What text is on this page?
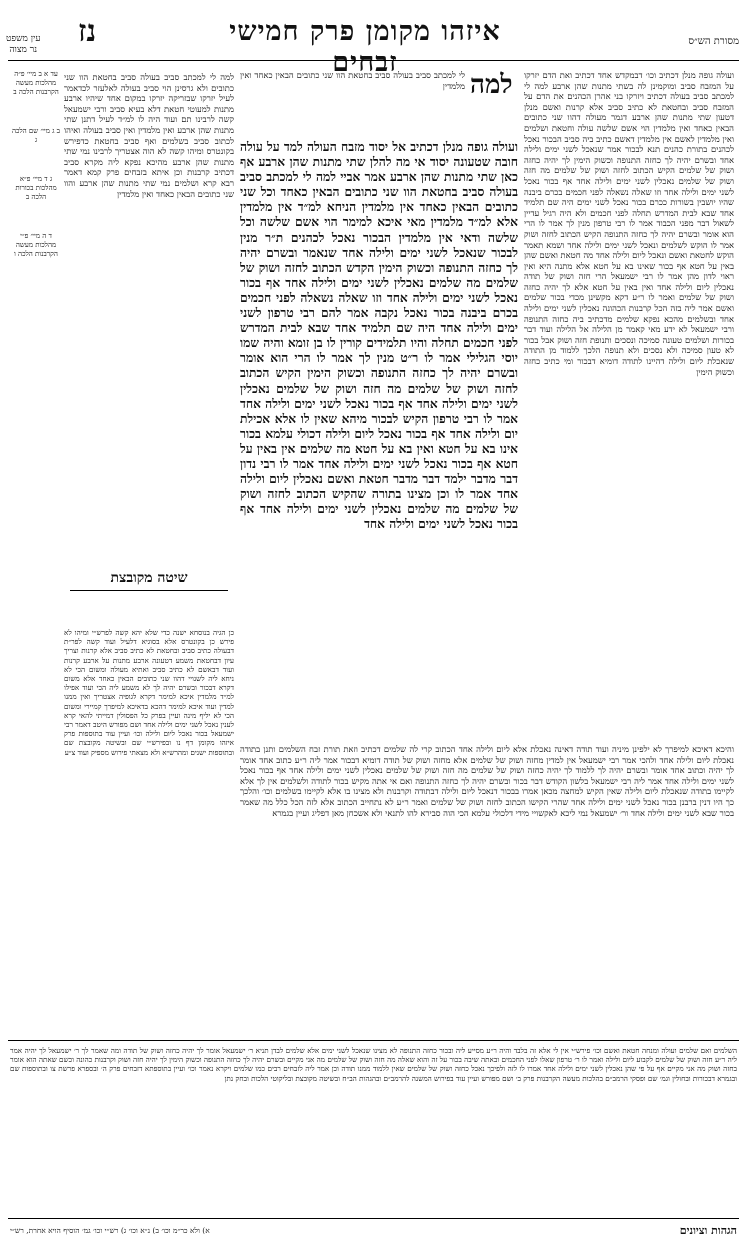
עין משפט
נר מצוה
נז	איזהו מקומן פרק חמישי זבחים
מסורת הש״ס

עד א ב מיי׳ פ״ה מהלכות מעשה הקרבנות הלכה ב

ב ג מיי׳ שם הלכה ג

ג ד מיי׳ פ״א מהלכות בכורות הלכה ב

ד ה מיי׳ פ״י מהלכות מעשה הקרבנות הלכה ו

למה לי למכתב סביב בעולה סביב בחטאת הוו שני כתובים ולא גרסינן הוי סביב בעולה לאלעזר לכדאמר לעיל יזרקו שבזריקה יזרקו במקום אחד שיהיו ארבע מתנות למעוטי חטאת דלא בעיא סביב ורבי ישמעאל קשה לרבינו תם ועוד היה לו למ״ד לעיל דתנן שתי מתנות שהן ארבע ואין מלמדין ואין סביב בעולה ואיהו לכתוב סביב בשלמים ואף סביב בחטאת כדפירש בקונטרס ומיהו קשה לא הוה אצטריך לרבינו נמי שתי מתנות שהן ארבע מהיכא נפקא ליה מקרא סביב דכתיב קרבנות וכן איתא בזבחים פרק קמא דאמר רבא קרא ושלמים נמי שתי מתנות שהן ארבע והוו שני כתובים הבאין כאחד ואין מלמדין
שיטה מקובצת
כן הגיה בנוסחא ישנה כדי שלא יהא קשה לפרש״י ומיהו לא פירש כן בקונטרס אלא בסוגיא דלעיל ועוד קשה לפר״ת דבעולה כתיב סביב ובחטאת לא כתיב סביב אלא קרנות וצריך עיון דבחטאת משמע דטעונה ארבע מתנות על ארבע קרנות ועוד דבאשם לא כתיב סביב ואתיא מעולה ומשום הכי לא ניחא ליה לשנויי דהוו שני כתובים הבאין כאחד אלא משום דקרא דבכור ובשרם יהיה לך לא משמע ליה הכי ועוד אפילו למ״ד מלמדין איכא למימר דקרא לגופיה אצטריך ואין ממנו למדין ועוד איכא למימר דהכא בדאיכא למיפרך קמיירי ומשום הכי לא יליף מינה ועיין בפרק כל הפסולין דמייתי להאי קרא לענין נאכל לשני ימים ולילה אחד ושם מפורש היטב דאמר רבי ישמעאל בכור נאכל ליום ולילה וכו׳ ועיין עוד בתוספות פרק איזהו מקומן דף נו ובפירש״י שם ובשיטה מקובצת שם ובתוספות ישנים ומהרש״א ולא מצאתי פירוש מספיק ועוד צ״ע
למה
לי למכתב סביב בעולה סביב בחטאת הוו שני כתובים הבאין כאחד ואין מלמדין
ועולה גופה מנלן דכתיב אל יסוד מזבח העולה למד על עולה חובה שטעונה יסוד אי מה להלן שתי מתנות שהן ארבע אף כאן שתי מתנות שהן ארבע אמר אביי למה לי למכתב סביב בעולה סביב בחטאת הוו שני כתובים הבאין כאחד וכל שני כתובים הבאין כאחד אין מלמדין הניחא למ״ד אין מלמדין אלא למ״ד מלמדין מאי איכא למימר הוי אשם שלשה וכל שלשה ודאי אין מלמדין הבכור נאכל לכהנים ת״ר מנין לבכור שנאכל לשני ימים ולילה אחד שנאמר ובשרם יהיה לך כחזה התנופה וכשוק הימין הקדש הכתוב לחזה ושוק של שלמים מה שלמים נאכלין לשני ימים ולילה אחד אף בכור נאכל לשני ימים ולילה אחד וזו שאלה נשאלה לפני חכמים בכרם ביבנה בכור נאכל נקבה אמר להם רבי טרפון לשני ימים ולילה אחד היה שם תלמיד אחד שבא לבית המדרש לפני חכמים תחלה והיו תלמידים קורין לו בן זומא והיה שמו יוסי הגלילי אמר לו ר״ט מנין לך אמר לו הרי הוא אומר ובשרם יהיה לך כחזה התנופה וכשוק הימין הקיש הכתוב לחזה ושוק של שלמים מה חזה ושוק של שלמים נאכלין לשני ימים ולילה אחד אף בכור נאכל לשני ימים ולילה אחד אמר לו רבי טרפון הקיש לבכור מיהא שאין לו אלא אכילת יום ולילה אחד אף בכור נאכל ליום ולילה דכולי עלמא בכור אינו בא על חטא ואין בא על חטא מה שלמים אין באין על חטא אף בכור נאכל לשני ימים ולילה אחד אמר לו רבי נדון דבר מדבר ילמד דבר מדבר חטאת ואשם נאכלין ליום ולילה אחד אמר לו וכן מצינו בתורה שהקיש הכתוב לחזה ושוק של שלמים מה שלמים נאכלין לשני ימים ולילה אחד אף בכור נאכל לשני ימים ולילה אחד
ועולה גופה מנלן דכתיב וכו׳ דבמקדש אחד דכתיב ואת הדם יזרקו על המזבח סביב ומוקמינן לה בשתי מתנות שהן ארבע למה לי למכתב סביב בעולה דכתיב ויזרקו בני אהרן הכהנים את הדם על המזבח סביב ובחטאת לא כתיב סביב אלא קרנות ואשם מנלן דטעון שתי מתנות שהן ארבע דגמר מעולה דהוו שני כתובים הבאין כאחד ואין מלמדין הוי אשם שלשה עולה וחטאת ושלמים ואין מלמדין לאשם אין מלמדין דאשם כתיב ביה סביב הבכור נאכל לכהנים בתורת כהנים תנא לבכור אמר שנאכל לשני ימים ולילה אחד ובשרם יהיה לך כחזה התנופה וכשוק הימין לך יהיה כחזה ושוק של שלמים הקיש הכתוב לחזה ושוק של שלמים מה חזה ושוק של שלמים נאכלין לשני ימים ולילה אחד אף בכור נאכל לשני ימים ולילה אחד וזו שאלה נשאלה לפני חכמים בכרם ביבנה שהיו יושבין בשורות ככרם בכור נאכל לשני ימים היה שם תלמיד אחד שבא לבית המדרש תחלה לפני חכמים ולא היה רגיל עדיין לשאול דבר מפני הכבוד אמר לו רבי טרפון מנין לך אמר לו הרי הוא אומר ובשרם יהיה לך כחזה התנופה הקיש הכתוב לחזה ושוק אמר לו הוקש לשלמים ונאכל לשני ימים ולילה אחד ושמא תאמר הוקש לחטאת ואשם ונאכל ליום ולילה אחד מה חטאת ואשם שהן באין על חטא אף בכור שאינו בא על חטא אלא מתנה היא ואין ראוי לדון מהן אמר לו רבי ישמעאל הרי חזה ושוק של תודה נאכלין ליום ולילה אחד ואין באין על חטא אלא לך יהיה כחזה ושוק של שלמים ואמר לו ר״ע דקא מקשינן מכדי בכור שלמים ואשם אמר ליה בזה הכל קרבנות הכהונה נאכלין לשני ימים ולילה אחד ובשלמים מהכא נפקא שלמים מדכתיב ביה כחזה התנופה ורבי ישמעאל לא ידע מאי קאמר מן הלילה אל הלילה ועוד דבר בכורות ושלמים טעונה סמיכה ונסכים ותנופת חזה ושוק אבל בכור לא טעון סמיכה ולא נסכים ולא תנופה הלכך ללמוד מן התודה שנאכלת ליום ולילה דהיינו לתודה דומיא דבכור ומי כתיב כחזה וכשוק הימין
והיכא דאיכא למיפרך לא ילפינן מיניה ועוד תודה דאינה נאכלת אלא ליום ולילה אחד הכתוב קרי לה שלמים דכתיב וזאת תורת זבח השלמים ותנן בתודה נאכלת ליום ולילה אחד ולהכי אמר רבי ישמעאל אין למדין מחזה ושוק של שלמים אלא מחזה ושוק של תודה דומיא דבכור אמר ליה ר״ע כתוב אחד אומר לך יהיה וכתוב אחד אומר ובשרם יהיה לך ללמוד לך יהיה כחזה ושוק של שלמים מה חזה ושוק של שלמים נאכלין לשני ימים ולילה אחד אף בכור נאכל לשני ימים ולילה אחד אמר ליה רבי ישמעאל בלשון הקודש דבר בכור ובשרם יהיה לך כחזה התנופה ואם אי אתה מקיש בכור לתודה ולשלמים אין לך אלא לקיימו בתודה שנאכלת ליום ולילה שאין הקיש למחצה מכאן אמרו בבכור דנאכל ליום ולילה דבתודה וקרבנות ולא מצינו בו אלא לקיימו בשלמים וכו׳ והלכך כך היו דנין ברבנן בכור נאכל לשני ימים ולילה אחד שהרי הקישו הכתוב לחזה ושוק של שלמים ואמר ר״ע לא נתחייב הכתוב אלא לזה הכל כלל מה שאמר בכור שבא לשני ימים ולילה אחד ור׳ ישמעאל נמי ליכא לאקשויי מידי דלכולי עלמא הכי הוה סבירא להו לתנאי ולא אשכחן מאן דפליג ועיין בגמרא
השלמים ואם שלמים ועולה ומנחה חטאת ואשם וכו׳ פירש״י אין לי אלא זה בלבד והיה ר״ע מסייע ליה ובכור כחזה התנופה לא מצינו שנאכל לשני ימים אלא שלמים לבדן תניא ר׳ ישמעאל אומר לך יהיה כחזה ושוק של תודה ומה שאמר לך ר׳ ישמעאל לך יהיה אמר ליה ר״ע חזה ושוק של שלמים לקבוע ליום ולילה ואמר לו ר׳ טרפון שאלו לפני החכמים ובאתה שיבה בכור על זה והוא שאלה מה חזה ושוק של שלמים מה אני מקיים ובשרם יהיה לך כחזה התנופה וכשוק הימין לך יהיה חזה ושוק וקרבנות כהונה וכשם שאתה הוא אומר בחזה ושוק מה אני מקיים אף על פי שהן נאכלין לשני ימים ולילה אחד אמרו לו לזה ולפיכך נאכל כחזה ושוק של שלמים שאין ללמוד ממנו תודה וכן אמר ליה לזבחים רבים כמו שלמים ויקרא נאמר וכו׳ ועיין בתוספתא דזבחים פרק ה׳ ובספרא פרשת צו ובתוספות שם ובגמרא דבכורות ובחולין וגמ׳ שם ופסקי הרמב״ם בהלכות מעשה הקרבנות פרק ב׳ ושם מפורש ועיין עוד בפירוש המשנה להרמב״ם ובהגהות הב״ח ובשיטה מקובצת ובליקוטי הלכות ובחק נתן
הגהות וציונים
א) ולא כר״מ וכו׳ ב) נ״א וכו׳ ג) רש״י וכו׳ גמ׳ הוסיף הויא אחרת, רש״י
